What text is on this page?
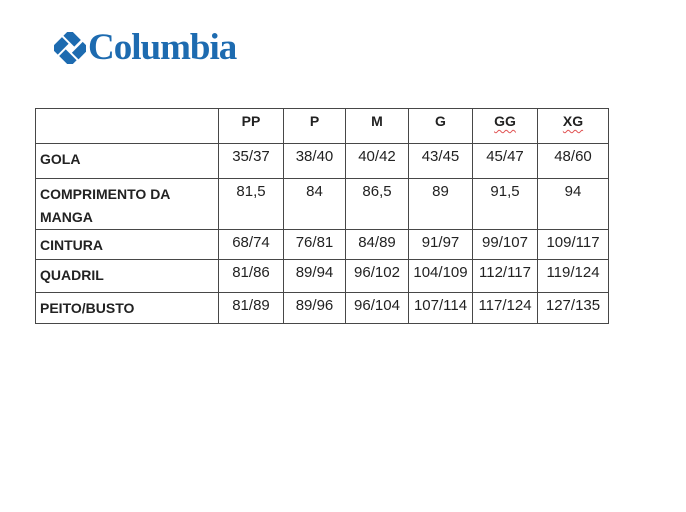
Columbia
	PP	P	M	G	GG	XG
GOLA	35/37	38/40	40/42	43/45	45/47	48/60
COMPRIMENTO DA MANGA	81,5	84	86,5	89	91,5	94
CINTURA	68/74	76/81	84/89	91/97	99/107	109/117
QUADRIL	81/86	89/94	96/102	104/109	112/117	119/124
PEITO/BUSTO	81/89	89/96	96/104	107/114	117/124	127/135
